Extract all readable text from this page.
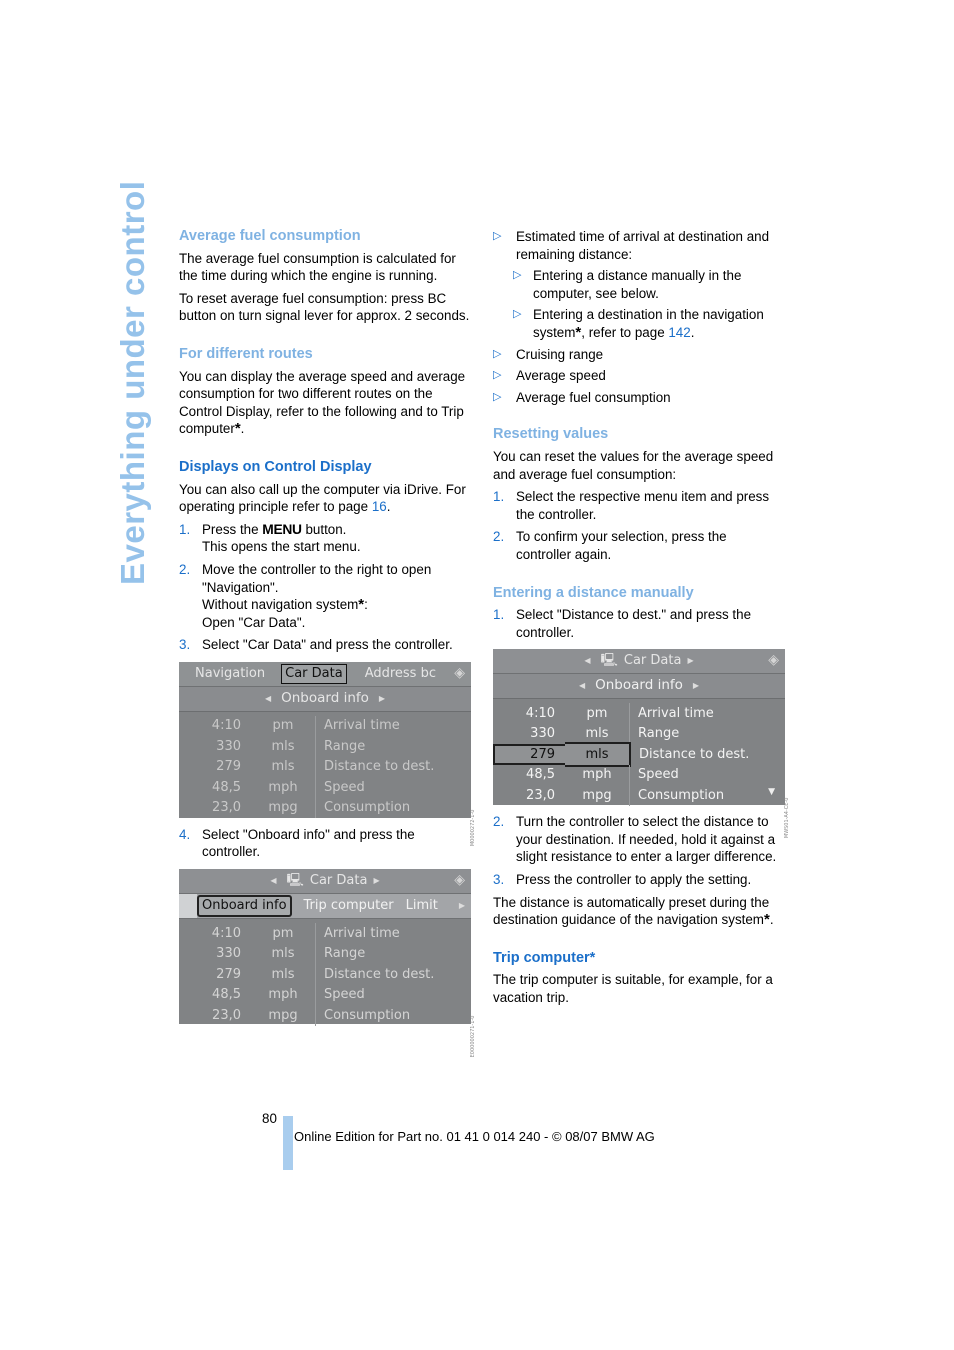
Everything under control Average fuel consumption

The average fuel consumption is calculated for the time during which the engine is running.

To reset average fuel consumption: press BC button on turn signal lever for approx. 2 seconds.

For different routes

You can display the average speed and average consumption for two different routes on the Control Display, refer to the following and to Trip computer*.

Displays on Control Display

You can also call up the computer via iDrive. For operating principle refer to page 16.

1. Press the MENU button.
This opens the start menu.
2. Move the controller to the right to open "Navigation".
Without navigation system*:
Open "Car Data".
3. Select "Car Data" and press the controller.
Navigation	Car Data	Address bc	◈
◀ Onboard info ▶
4:10	pm	Arrival time
330	mls	Range
279	mls	Distance to dest.
48,5	mph	Speed
23,0	mpg	Consumption
M0000272-1-0
4. Select "Onboard info" and press the controller.
◀ 🖳 Car Data ▶	◈
Onboard info	Trip computer Limit	▶
4:10	pm	Arrival time
330	mls	Range
279	mls	Distance to dest.
48,5	mph	Speed
23,0	mpg	Consumption
E000000271-1-0
▷	Estimated time of arrival at destination and remaining distance:
▷ Entering a distance manually in the computer, see below.
▷ Entering a destination in the navigation system*, refer to page 142.
▷	Cruising range
▷	Average speed
▷	Average fuel consumption
Resetting values

You can reset the values for the average speed and average fuel consumption:

1. Select the respective menu item and press the controller.
2. To confirm your selection, press the controller again.
Entering a distance manually
1. Select "Distance to dest." and press the controller.
◀ 🖳 Car Data ▶	◈
◀ Onboard info ▶
4:10	pm	Arrival time
330	mls	Range
279	mls	Distance to dest.
48,5	mph	Speed
23,0	mpg	Consumption	▼
MWS01-A4-CE-0
2. Turn the controller to select the distance to your destination. If needed, hold it against a slight resistance to enter a larger difference.
3. Press the controller to apply the setting.

The distance is automatically preset during the destination guidance of the navigation system*.

Trip computer*

The trip computer is suitable, for example, for a vacation trip.

80
Online Edition for Part no. 01 41 0 014 240 - © 08/07 BMW AG
